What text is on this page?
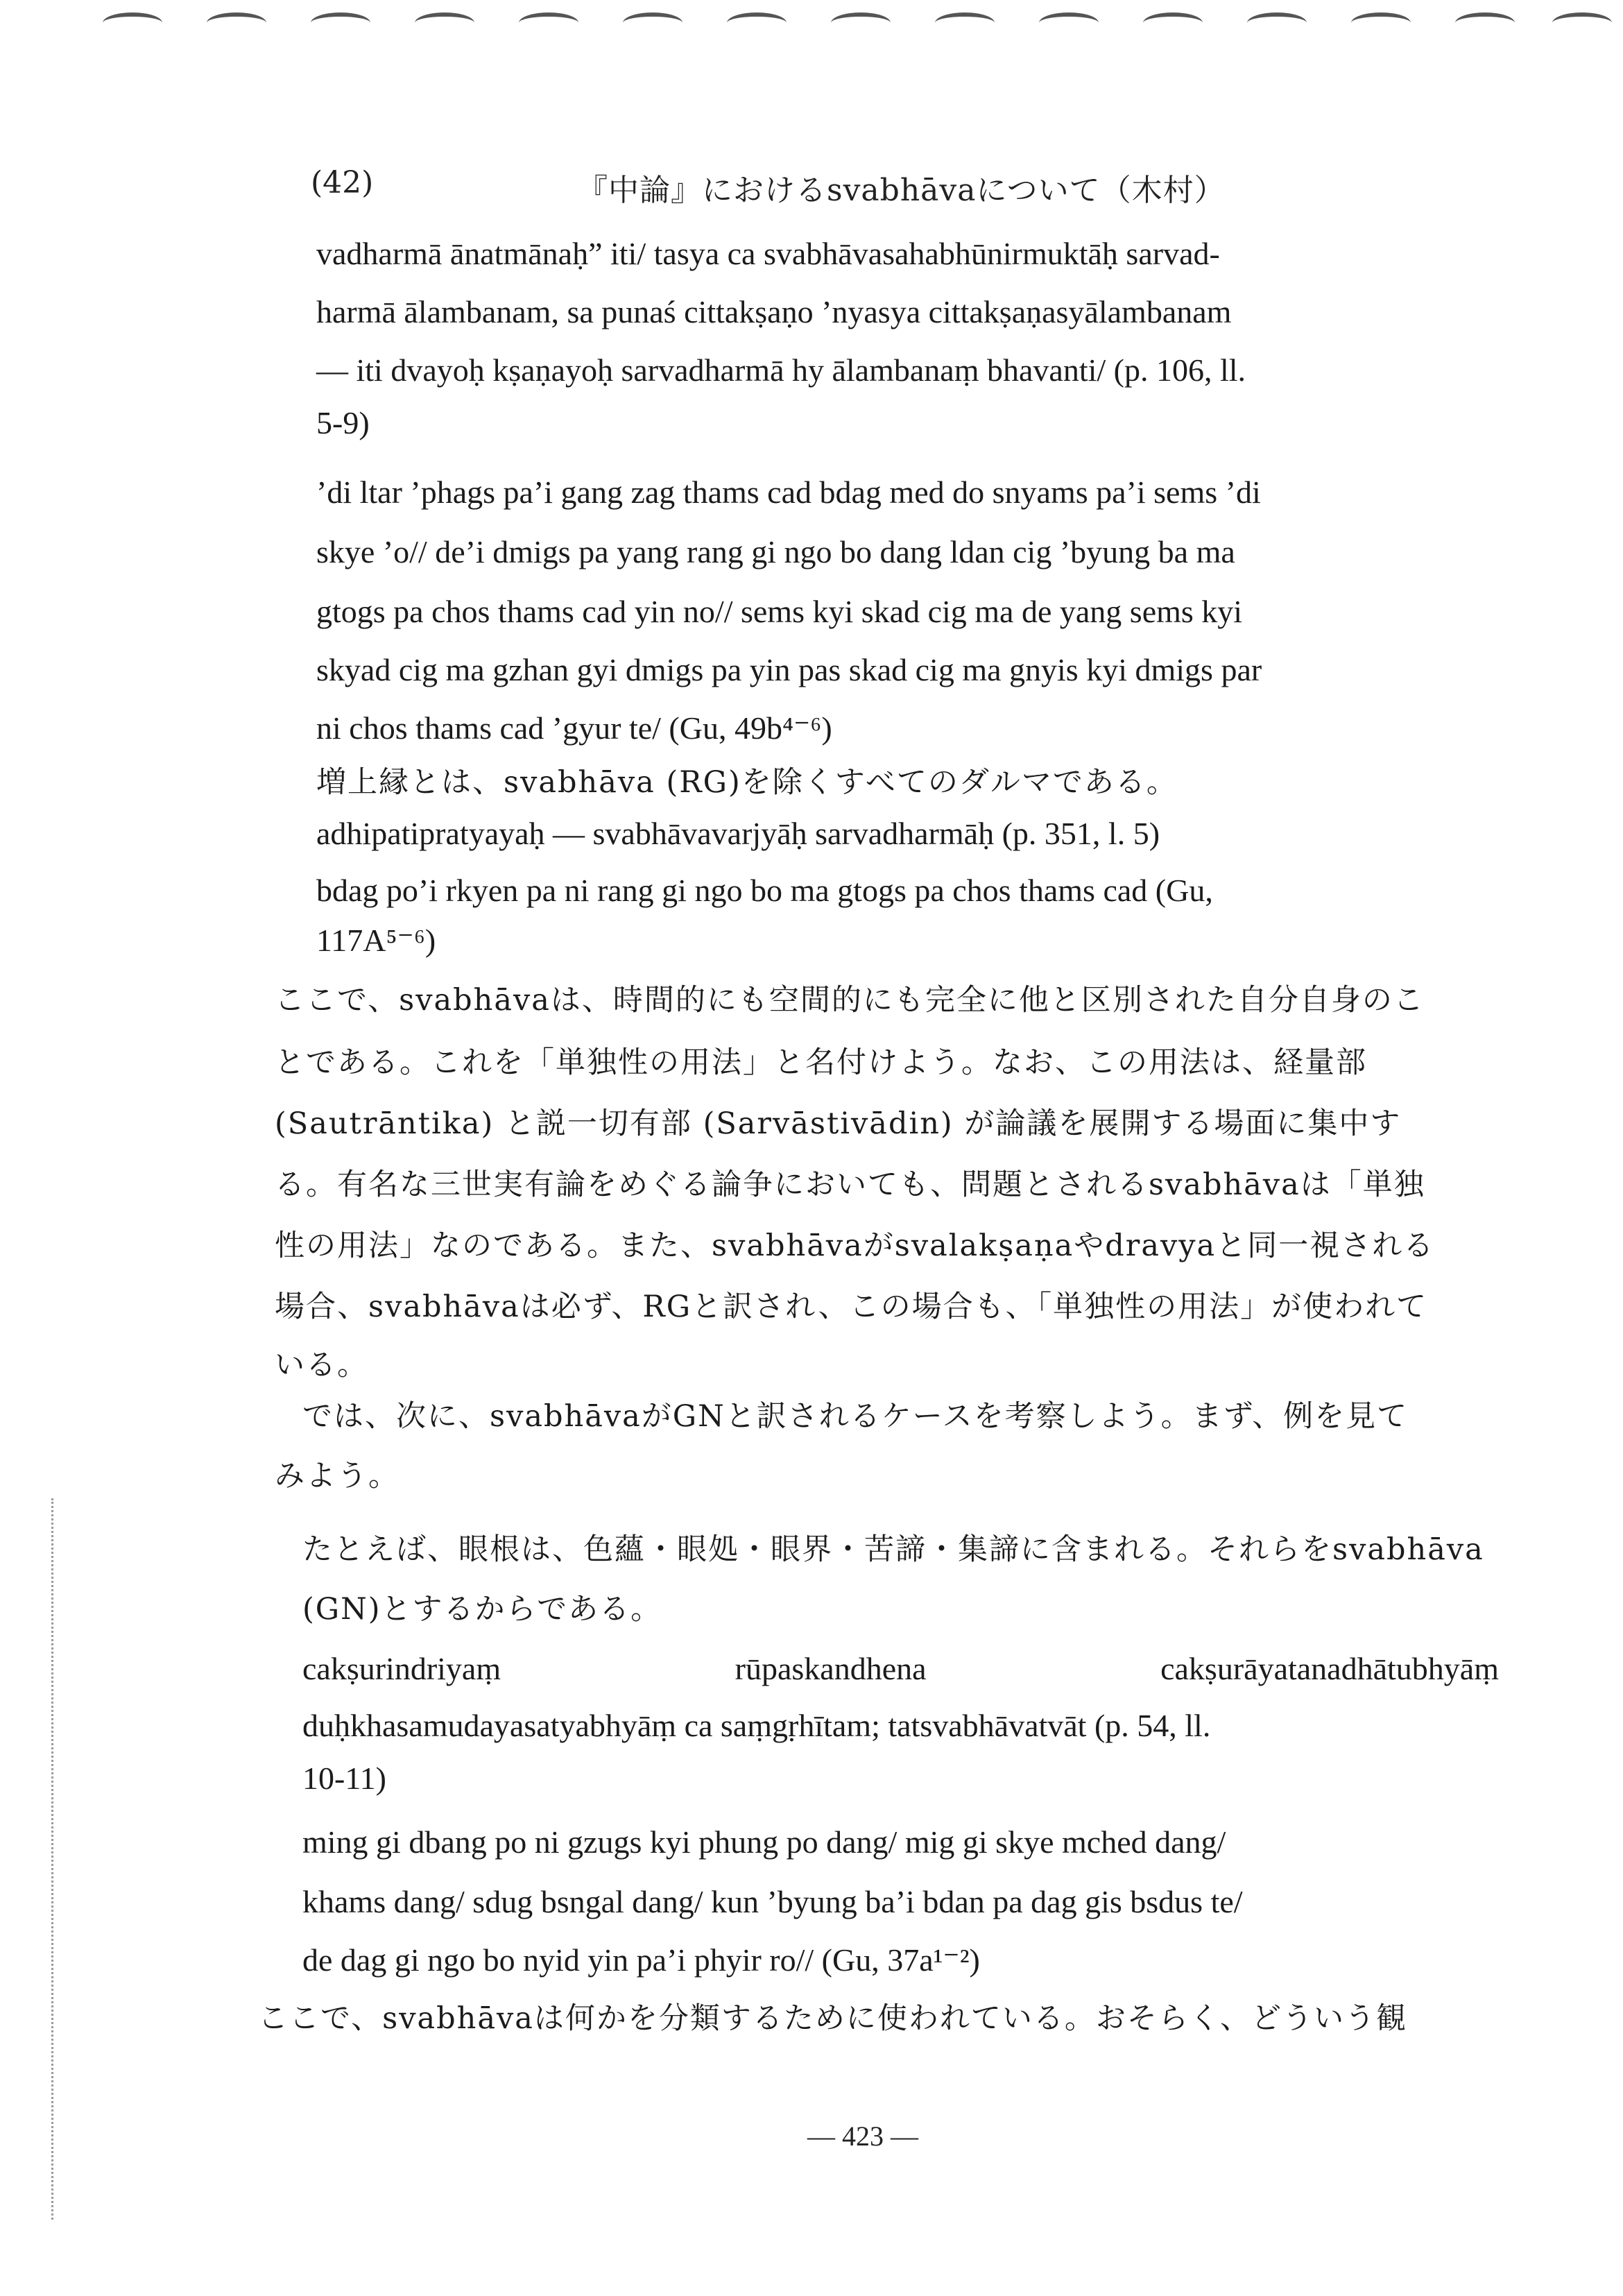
(42)	『中論』におけるsvabhāvaについて（木村）
vadharmā ānatmānaḥ” iti/ tasya ca svabhāvasahabhūnirmuktāḥ sarvad-
harmā ālambanam, sa punaś cittakṣaṇo ’nyasya cittakṣaṇasyālambanam
— iti dvayoḥ kṣaṇayoḥ sarvadharmā hy ālambanaṃ bhavanti/ (p. 106, ll.
5-9)
’di ltar ’phags pa’i gang zag thams cad bdag med do snyams pa’i sems ’di
skye ’o// de’i dmigs pa yang rang gi ngo bo dang ldan cig ’byung ba ma
gtogs pa chos thams cad yin no// sems kyi skad cig ma de yang sems kyi
skyad cig ma gzhan gyi dmigs pa yin pas skad cig ma gnyis kyi dmigs par
ni chos thams cad ’gyur te/ (Gu, 49b⁴⁻⁶)
増上縁とは、svabhāva (RG)を除くすべてのダルマである。
adhipatipratyayaḥ — svabhāvavarjyāḥ sarvadharmāḥ (p. 351, l. 5)
bdag po’i rkyen pa ni rang gi ngo bo ma gtogs pa chos thams cad (Gu,
117A⁵⁻⁶)
ここで、svabhāvaは、時間的にも空間的にも完全に他と区別された自分自身のこ
とである。これを「単独性の用法」と名付けよう。なお、この用法は、経量部
(Sautrāntika) と説一切有部 (Sarvāstivādin) が論議を展開する場面に集中す
る。有名な三世実有論をめぐる論争においても、問題とされるsvabhāvaは「単独
性の用法」なのである。また、svabhāvaがsvalakṣaṇaやdravyaと同一視される
場合、svabhāvaは必ず、RGと訳され、この場合も、「単独性の用法」が使われて
いる。
では、次に、svabhāvaがGNと訳されるケースを考察しよう。まず、例を見て
みよう。
たとえば、眼根は、色蘊・眼処・眼界・苦諦・集諦に含まれる。それらをsvabhāva
(GN)とするからである。
cakṣurindriyaṃ	rūpaskandhena	cakṣurāyatanadhātubhyāṃ
duḥkhasamudayasatyabhyāṃ ca saṃgṛhītam; tatsvabhāvatvāt (p. 54, ll.
10-11)
ming gi dbang po ni gzugs kyi phung po dang/ mig gi skye mched dang/
khams dang/ sdug bsngal dang/ kun ’byung ba’i bdan pa dag gis bsdus te/
de dag gi ngo bo nyid yin pa’i phyir ro// (Gu, 37a¹⁻²)
ここで、svabhāvaは何かを分類するために使われている。おそらく、どういう観
— 423 —
